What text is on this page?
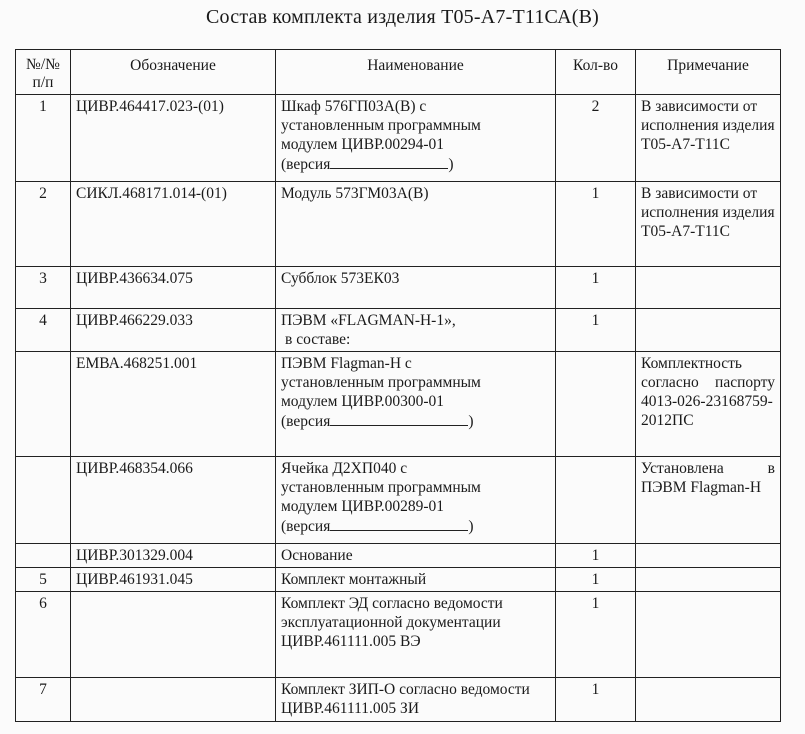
Состав комплекта изделия Т05-А7-Т11СА(В)
№/№ п/п	Обозначение	Наименование	Кол-во	Примечание
1	ЦИВР.464417.023-(01)	Шкаф 576ГП03А(В) с
установленным программным
модулем ЦИВР.00294-01
(версия )	2	В зависимости от исполнения изделия Т05-А7-Т11С
2	СИКЛ.468171.014-(01)	Модуль 573ГМ03А(В)	1	В зависимости от исполнения изделия Т05-А7-Т11С
3	ЦИВР.436634.075	Субблок 573ЕК03	1	
4	ЦИВР.466229.033	ПЭВМ «FLAGMAN-Н-1»,
в составе:	1	
	ЕМВА.468251.001	ПЭВМ Flagman-Н с
установленным программным
модулем ЦИВР.00300-01
(версия )		Комплектность согласно паспорту 4013-026-23168759-2012ПС
	ЦИВР.468354.066	Ячейка Д2ХП040 с
установленным программным
модулем ЦИВР.00289-01
(версия )		Установлена в ПЭВМ Flagman-Н
	ЦИВР.301329.004	Основание	1	
5	ЦИВР.461931.045	Комплект монтажный	1	
6		Комплект ЭД согласно ведомости эксплуатационной документации ЦИВР.461111.005 ВЭ	1	
7		Комплект ЗИП-О согласно ведомости ЦИВР.461111.005 ЗИ	1	
